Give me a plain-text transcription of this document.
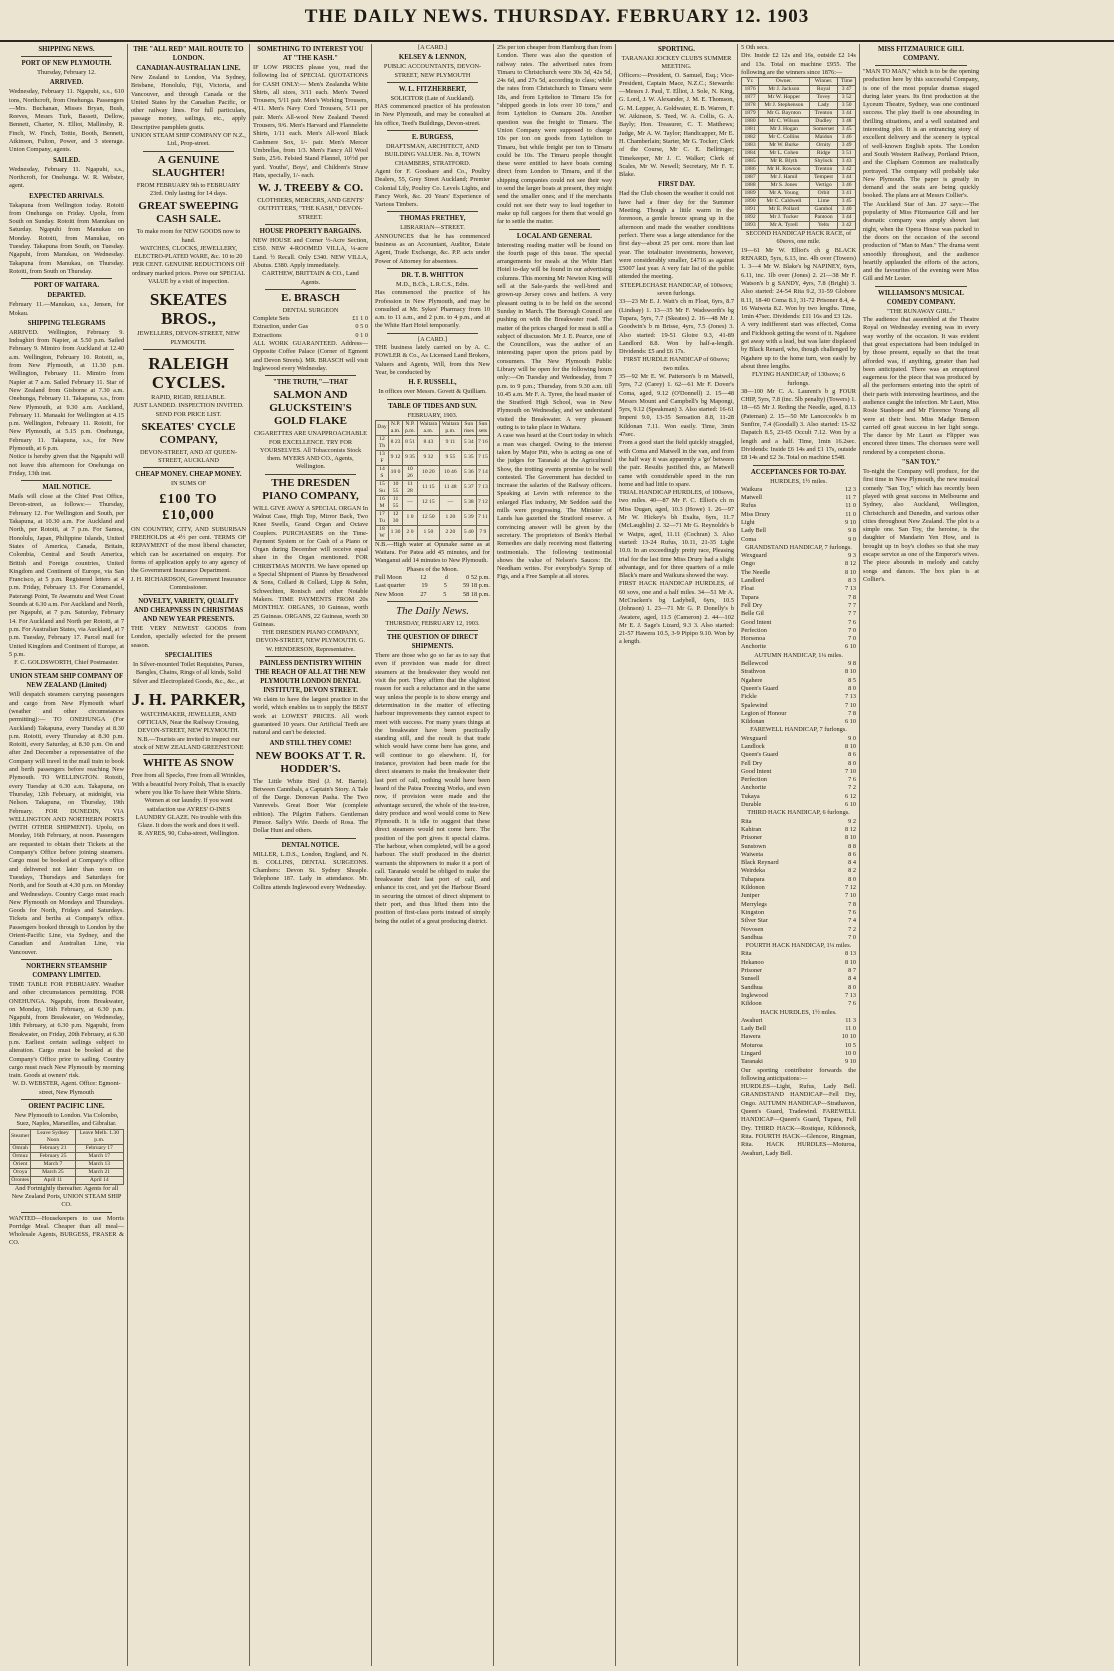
THE DAILY NEWS. THURSDAY. FEBRUARY 12. 1903
SHIPPING NEWS.
PORT OF NEW PLYMOUTH.

Thursday, February 12.

ARRIVED.

Wednesday, February 11. Ngapuhi, s.s., 610 tons, Northcroft, from Onehunga. Passengers—Mrs. Buchanan, Misses Bryan, Bush, Reeves, Messrs Turk, Bassett, Dellow, Bennett, Charter, N. Elliot, Mallinsby, R. Finch, W. Finch, Tottie, Booth, Bennett, Atkinson, Fulton, Power, and 3 steerage. Union Company, agents.

SAILED.

Wednesday, February 11. Ngapuhi, s.s., Northcroft, for Onehunga. W. R. Webster, agent.

EXPECTED ARRIVALS.

Takapuna from Wellington today. Rotoiti from Onehunga on Friday. Upolu, from South on Sunday. Rotoiti from Manukau on Saturday. Ngapuhi from Manukau on Monday. Rotoiti, from Manukau, on Tuesday. Takapuna from South, on Tuesday. Ngapuhi, from Manukau, on Wednesday. Takapuna from Manukau, on Thursday. Rotoiti, from South on Thursday.

PORT OF WAITARA.
DEPARTED.

February 11.—Manukau, s.s., Jensen, for Mokau.

SHIPPING TELEGRAMS

ARRIVED. Wellington, February 9. Indraghiri from Napier, at 5.50 p.m. Sailed February 9. Mimiro from Auckland at 12.40 a.m. Wellington, February 10. Rotoiti, ss, from New Plymouth, at 11.30 p.m. Wellington, February 11. Mimiro from Napier at 7 a.m. Sailed February 11. Star of New Zealand from Gisborne at 7.30 a.m. Onehunga, February 11. Takapuna, s.s., from New Plymouth, at 9.30 a.m. Auckland, February 11. Manaaki for Wellington at 4.15 p.m. Wellington, February 11. Rotoiti, for New Plymouth, at 5.15 p.m. Onehunga, February 11. Takapuna, s.s., for New Plymouth, at 6 p.m.

Notice is hereby given that the Ngapuhi will not leave this afternoon for Onehunga on Friday, 13th inst.

MAIL NOTICE.

Mails will close at the Chief Post Office, Devon-street, as follows:— Thursday, February 12. For Wellington and South, per Takapuna, at 10.30 a.m. For Auckland and North, per Rotoiti, at 7 p.m. For Samoa, Honolulu, Japan, Philippine Islands, United States of America, Canada, Britain, Colombia, Central and South America, British and Foreign countries, United Kingdom and Continent of Europe, via San Francisco, at 5 p.m. Registered letters at 4 p.m. Friday, February 13. For Coramandel, Paterangi Point, Te Awamutu and West Coast Sounds at 6.30 a.m. For Auckland and North, per Ngapuhi, at 7 p.m. Saturday, February 14. For Auckland and North per Rotoiti, at 7 p.m. For Australian States, via Auckland, at 7 p.m. Tuesday, February 17. Parcel mail for United Kingdom and Continent of Europe, at 5 p.m.

F. C. GOLDSWORTH, Chief Postmaster.

UNION STEAM SHIP COMPANY OF NEW ZEALAND (Limited)

Will despatch steamers carrying passengers and cargo from New Plymouth wharf (weather and other circumstances permitting):— TO ONEHUNGA (For Auckland) Takapuna, every Tuesday at 8.30 p.m. Rotoiti, every Thursday at 8.30 p.m. Rotoiti, every Saturday, at 8.30 p.m. On and after 2nd December a representative of the Company will travel in the mail train to book and berth passengers before reaching New Plymouth. TO WELLINGTON. Rotoiti, every Tuesday at 6.30 a.m. Takapuna, on Thursday, 12th February, at midnight, via Nelson. Takapuna, on Thursday, 19th February. FOR DUNEDIN, VIA WELLINGTON AND NORTHERN PORTS (WITH OTHER SHIPMENT). Upolu, on Monday, 16th February, at noon. Passengers are requested to obtain their Tickets at the Company's Office before joining steamers. Cargo must be booked at Company's office and delivered not later than noon on Tuesdays, Thursdays and Saturdays for North, and for South at 4.30 p.m. on Monday and Wednesdays. Country Cargo must reach New Plymouth on Mondays and Thursdays. Goods for North, Fridays and Saturdays. Tickets and berths at Company's office. Passengers booked through to London by the Orient-Pacific Line, via Sydney, and the Canadian and Australian Line, via Vancouver.

NORTHERN STEAMSHIP COMPANY LIMITED.

TIME TABLE FOR FEBRUARY. Weather and other circumstances permitting. FOR ONEHUNGA. Ngapuhi, from Breakwater, on Monday, 16th February, at 6.30 p.m. Ngapuhi, from Breakwater, on Wednesday, 18th February, at 6.30 p.m. Ngapuhi, from Breakwater, on Friday, 20th February, at 6.30 p.m. Earliest certain sailings subject to alteration. Cargo must be booked at the Company's Office prior to sailing. Country cargo must reach New Plymouth by morning train. Goods at owners' risk.

W. D. WEBSTER, Agent. Office: Egmont-street, New Plymouth

ORIENT PACIFIC LINE.

New Plymouth to London. Via Colombo, Suez, Naples, Marseilles, and Gibraltar.

Steamer	Leave Sydney Noon	Leave Melb. 1.30 p.m.
Omrah	February 21	February 17
Ormuz	February 25	March 17
Orient	March 7	March 13
Oroya	March 25	March 21
Orontes	April 11	April 14

And Fortnightly thereafter. Agents for all New Zealand Ports, UNION STEAM SHIP CO.

WANTED—Housekeepers to use Morris Porridge Meal. Cheaper than all meal—Wholesale Agents, BURGESS, FRASER & CO.

THE "ALL RED" MAIL ROUTE TO LONDON.
CANADIAN-AUSTRALIAN LINE.

New Zealand to London, Via Sydney, Brisbane, Honolulu, Fiji, Victoria, and Vancouver, and through Canada or the United States by the Canadian Pacific, or other railway lines. For full particulars, passage money, sailings, etc., apply Descriptive pamphlets gratis.

UNION STEAM SHIP COMPANY OF N.Z., Ltd., Prop-street.

A GENUINE SLAUGHTER!

FROM FEBRUARY 9th to FEBRUARY 23rd. Only lasting for 14 days.

GREAT SWEEPING CASH SALE.

To make room for NEW GOODS now to hand.

WATCHES, CLOCKS, JEWELLERY, ELECTRO-PLATED WARE, &c. 10 to 20 PER CENT. GENUINE REDUCTIONS Off ordinary marked prices. Prove our SPECIAL VALUE by a visit of inspection.

SKEATES BROS.,

JEWELLERS, DEVON-STREET, NEW PLYMOUTH.

RALEIGH CYCLES.

RAPID, RIGID, RELIABLE.

JUST LANDED. INSPECTION INVITED. SEND FOR PRICE LIST.

SKEATES' CYCLE COMPANY,

DEVON-STREET, AND AT QUEEN-STREET, AUCKLAND

CHEAP MONEY. CHEAP MONEY.

IN SUMS OF

£100 TO £10,000

ON COUNTRY, CITY, AND SUBURBAN FREEHOLDS at 4½ per cent. TERMS OF REPAYMENT of the most liberal character, which can be ascertained on enquiry. For forms of application apply to any agency of the Government Insurance Department.

J. H. RICHARDSON, Government Insurance Commissioner.

NOVELTY, VARIETY, QUALITY AND CHEAPNESS IN CHRISTMAS AND NEW YEAR PRESENTS.

THE VERY NEWEST GOODS from London, specially selected for the present season.

SPECIALITIES

In Silver-mounted Toilet Requisites, Purses, Bangles, Chains, Rings of all kinds, Solid Silver and Electroplated Goods, &c., &c., at

J. H. PARKER,

WATCHMAKER, JEWELLER, AND OPTICIAN, Near the Railway Crossing, DEVON-STREET, NEW PLYMOUTH.

N.B.—Tourists are invited to inspect our stock of NEW ZEALAND GREENSTONE

WHITE AS SNOW

Free from all Specks, Free from all Wrinkles, With a beautiful Ivory Polish, That is exactly where you like To have their White Shirts. Women at our laundry. If you want satisfaction use AYRES' O-INES LAUNDRY GLAZE. No trouble with this Glaze. It does the work and does it well.

R. AYRES, 90, Cuba-street, Wellington.

SOMETHING TO INTEREST YOU AT "THE KASH."

IF LOW PRICES please you, read the following list of SPECIAL QUOTATIONS for CASH ONLY:— Men's Zealandia White Shirts, all sizes, 3/11 each. Men's Tweed Trousers, 5/11 pair. Men's Working Trousers, 4/11. Men's Navy Cord Trousers, 5/11 per pair. Men's All-wool New Zealand Tweed Trousers, 9/6. Men's Harvard and Flannelette Shirts, 1/11 each. Men's All-wool Black Cashmere Sox, 1/- pair. Men's Mercer Umbrellas, from 1/3. Men's Fancy All Wool Suits, 25/6. Felsted Stand Flannel, 10½d per yard. Youths', Boys', and Children's Straw Hats, specially, 1/- each.

W. J. TREEBY & CO.

CLOTHIERS, MERCERS, AND GENTS' OUTFITTERS, "THE KASH," DEVON-STREET.

HOUSE PROPERTY BARGAINS.

NEW HOUSE and Corner ½-Acre Section, £350. NEW 4-ROOMED VILLA, ¼-acre Land. ½ Recall. Only £340. NEW VILLA, Abutus. £380. Apply immediately.

CARTHEW, BRITTAIN & CO., Land Agents.

E. BRASCH

DENTAL SURGEON

Complete Sets	£1 1 0
Extraction, under Gas	0 5 0
Extractions	0 1 0

ALL WORK GUARANTEED. Address—Opposite Coffee Palace (Corner of Egmont and Devon Streets). MR. BRASCH will visit Inglewood every Wednesday.

"THE TRUTH,"—THAT
SALMON AND GLUCKSTEIN'S GOLD FLAKE

CIGARETTES ARE UNAPPROACHABLE FOR EXCELLENCE. TRY FOR YOURSELVES. All Tobacconists Stock them. MYERS AND CO., Agents, Wellington.

THE DRESDEN PIANO COMPANY,

WILL GIVE AWAY A SPECIAL ORGAN In Walnut Case, High Top, Mirror Back, Two Knee Swells, Grand Organ and Octave Couplers. PURCHASERS on the Time-Payment System or for Cash of a Piano or Organ during December will receive equal share in the Organ mentioned. FOR CHRISTMAS MONTH. We have opened up a Special Shipment of Pianos by Broadwood & Sons, Collard & Collard, Lipp & Sohn, Schwechten, Ronisch and other Notable Makers. TIME PAYMENTS FROM 20s MONTHLY. ORGANS, 10 Guineas, worth 25 Guineas. ORGANS, 22 Guineas, worth 30 Guineas.

THE DRESDEN PIANO COMPANY, DEVON-STREET, NEW PLYMOUTH. G. W. HENDERSON, Representative.

PAINLESS DENTISTRY WITHIN THE REACH OF ALL AT THE NEW PLYMOUTH LONDON DENTAL INSTITUTE, DEVON STREET.

We claim to have the largest practice in the world, which enables us to supply the BEST work at LOWEST PRICES. All work guaranteed 10 years. Our Artificial Teeth are natural and can't be detected.

AND STILL THEY COME!
NEW BOOKS AT T. R. HODDER'S.

The Little White Bird (J. M. Barrie). Between Cannibals, a Captain's Story. A Tale of the Darge. Donovan Pasha. The Two Vanrevels. Great Boer War (complete edition). The Pilgrim Fathers. Gentleman Pimsor. Sally's Wife. Deeds of Rosa. The Dollar Hunt and others.

DENTAL NOTICE.

MILLER, L.D.S., London, England, and N. B. COLLINS, DENTAL SURGEONS. Chambers: Devon St. Sydney Sheaple. Telephone 187. Lady in attendance. Mr. Collins attends Inglewood every Wednesday.

[A CARD.]

KELSEY & LENNON,

PUBLIC ACCOUNTANTS, DEVON-STREET, NEW PLYMOUTH

W. L. FITZHERBERT,

SOLICITOR (Late of Auckland).

HAS commenced practice of his profession in New Plymouth, and may be consulted at his office, Teed's Buildings, Devon-street.

E. BURGESS,

DRAFTSMAN, ARCHITECT, AND BUILDING VALUER. No. 8, TOWN CHAMBERS, STRATFORD.

Agent for F. Goodsare and Co., Poultry Dealers, 55, Grey Street Auckland; Premier Colonial Lily, Poultry Co. Levels Lights, and Fancy Work, &c. 20 Years' Experience of Various Timbers.

THOMAS FRETHEY,

LIBRARIAN—STREET.

ANNOUNCES that he has commenced business as an Accountant, Auditor, Estate Agent, Trade Exchange, &c. P.P. acts under Power of Attorney for absentees.

DR. T. B. WHITTON

M.D., B.Ch., L.R.C.S., Edin.

Has commenced the practice of his Profession in New Plymouth, and may be consulted at Mr. Sykes' Pharmacy from 10 a.m. to 11 a.m., and 2 p.m. to 4 p.m., and at the White Hart Hotel temporarily.

[A CARD.]

THE business lately carried on by A. C. FOWLER & Co., As Licensed Land Brokers, Valuers and Agents, Will, from this New Year, be conducted by

H. F. RUSSELL,

In offices over Messrs. Govett & Quilliam.

TABLE OF TIDES AND SUN.

FEBRUARY, 1903.

Day	N.P. a.m.	N.P. p.m.	Waitara a.m.	Waitara p.m.	Sun rises	Sun sets
12 Th	8 23	8 51	8 43	9 11	5 34	7 16
13 F	9 12	9 35	9 32	9 55	5 35	7 15
14 S	10 0	10 26	10 20	10 46	5 36	7 14
15 Su	10 55	11 28	11 15	11 48	5 37	7 13
16 M	11 55	—	12 15	—	5 38	7 12
17 Tu	12 30	1 0	12 50	1 20	5 39	7 11
18 W	1 30	2 0	1 50	2 20	5 40	7 9

N.B.—High water at Opunake same as at Waitara. For Patea add 45 minutes, and for Wanganui add 14 minutes to New Plymouth.

Phases of the Moon.

Full Moon	12	d	0 52 p.m.
Last quarter	19	5	59 18 p.m.
New Moon	27	5	58 18 p.m.
The Daily News.

THURSDAY, FEBRUARY 12, 1903.

THE QUESTION OF DIRECT SHIPMENTS.

There are those who go so far as to say that even if provision was made for direct steamers at the breakwater they would not visit the port. They affirm that the slightest reason for such a reluctance and in the same way unless the people is to show energy and determination in the matter of effecting harbour improvements they cannot expect to meet with success. For many years things at the breakwater have been practically standing still, and the result is that trade which would have come here has gone, and will continue to go elsewhere. If, for instance, provision had been made for the direct steamers to make the breakwater their last port of call, nothing would have been heard of the Patea Freezing Works, and even now, if provision were made and the advantage secured, the whole of the tea-tree, dairy produce and wool would come to New Plymouth. It is idle to suggest that these direct steamers would not come here. The position of the port gives it special claims. The harbour, when completed, will be a good harbour. The stuff produced in the district warrants the shipowners to make it a port of call. Taranaki would be obliged to make the breakwater their last port of call, and enhance its cost, and yet the Harbour Board in securing the utmost of direct shipment to their port, and thus lifted them into the position of first-class ports instead of simply being the outlet of a great producing district.

25s per ton cheaper from Hamburg than from London. There was also the question of railway rates. The advertised rates from Timaru to Christchurch were 30s 3d, 42s 5d, 24s 6d, and 27s 5d, according to class; while the rates from Christchurch to Timaru were 18s, and from Lyttelton to Timaru 15s for "shipped goods in lots over 10 tons," and from Lyttelton to Oamaru 20s. Another question was the freight to Timaru. The Union Company were supposed to charge 10s per ton on goods from Lyttelton to Timaru, but while freight per ton to Timaru could be 10s. The Timaru people thought these were entitled to have boats coming direct from London to Timaru, and if the shipping companies could not see their way to send the larger boats at present, they might send the smaller ones; and if the merchants could not see their way to lead together to make up full cargoes for them that would go far to settle the matter.

LOCAL AND GENERAL

Interesting reading matter will be found on the fourth page of this issue. The special arrangements for meals at the White Hart Hotel to-day will be found in our advertising columns. This morning Mr Newton King will sell at the Sale-yards the well-bred and grown-up Jersey cows and heifers. A very pleasant outing is to be held on the second Sunday in March. The Borough Council are pushing on with the Breakwater road. The matter of the prices charged for meat is still a subject of discussion. Mr J. E. Pearce, one of the Councillors, was the author of an interesting paper upon the prices paid by consumers. The New Plymouth Public Library will be open for the following hours only:—On Tuesday and Wednesday, from 7 p.m. to 9 p.m.; Thursday, from 9.30 a.m. till 10.45 a.m. Mr F. A. Tyree, the head master of the Stratford High School, was in New Plymouth on Wednesday, and we understand visited the Breakwater. A very pleasant outing is to take place in Waitara.

A case was heard at the Court today in which a man was charged. Owing to the interest taken by Major Pitt, who is acting as one of the judges for Taranaki at the Agricultural Show, the trotting events promise to be well contested. The Government has decided to increase the salaries of the Railway officers. Speaking at Levin with reference to the enlarged Flax industry, Mr Seddon said the mills were progressing. The Minister of Lands has gazetted the Stratford reserve. A convincing answer will be given by the secretary. The proprietors of Bonk's Herbal Remedies are daily receiving most flattering testimonials. The following testimonial shows the value of Nelson's Sauces: Dr. Needham writes. For everybody's Syrup of Figs, and a Free Sample at all stores.

SPORTING.

TARANAKI JOCKEY CLUB'S SUMMER MEETING.

Officers:—President, O. Samuel, Esq.; Vice-President, Captain Mace, N.Z.C.; Stewards:—Messrs J. Paul, T. Elliot, J. Sole, N. King, G. Lord, J. W. Alexander, J. M. E. Thomson, G. M. Lepper, A. Goldwater, E. B. Warren, F. W. Atkinson, S. Teed, W. A. Collis, G. A. Bayly; Hon. Treasurer, C. T. Matthews; Judge, Mr A. W. Taylor; Handicapper, Mr E. H. Chamberlain; Starter, Mr G. Tocker; Clerk of the Course, Mr C. E. Bellringer; Timekeeper, Mr J. C. Walker; Clerk of Scales, Mr W. Newell; Secretary, Mr F. T. Blake.

FIRST DAY.

Had the Club chosen the weather it could not have had a finer day for the Summer Meeting. Though a little warm in the forenoon, a gentle breeze sprang up in the afternoon and made the weather conditions perfect. There was a large attendance for the first day—about 25 per cent. more than last year. The totalisator investments, however, were considerably smaller, £4716 as against £5007 last year. A very fair list of the public attended the meeting.

STEEPLECHASE HANDICAP, of 100sovs; seven furlongs.

33—23 Mr E. J. Watt's ch m Float, 6yrs, 8.7 (Lindsay) 1. 13—35 Mr F. Wadsworth's bg Tupara, 5yrs, 7.7 (Skeates) 2. 16—48 Mr J. Goodwin's b m Brisse, 4yrs, 7.5 (Jones) 3. Also started: 19-51 Gloire 9.3, 41-89 Landlord 8.8. Won by half-a-length. Dividends: £5 and £6 17s.

FIRST HURDLE HANDICAP of 60sovs; two miles.

35—92 Mr E. W. Patterson's b m Matwell, 5yrs, 7.2 (Carey) 1. 62—61 Mr F. Dover's Coma, aged, 9.12 (O'Donnell) 2. 15—48 Messrs Mount and Campbell's bg Mapongi, 5yrs, 9.12 (Speakman) 3. Also started: 16-61 Impeni 9.0, 13-35 Sensation 8.8, 11-28 Kildonan 7.11. Won easily. Time, 3min 47sec.

From a good start the field quickly straggled, with Coma and Matwell in the van, and from the half way it was apparently a 'go' between the pair. Results justified this, as Matwell came with considerable speed in the run home and had little to spare.

TRIAL HANDICAP HURDLES, of 100sovs, two miles. 40—87 Mr F. C. Elliot's ch m Miss Dugan, aged, 10.3 (Howe) 1. 26—97 Mr W. Hickey's bh Exalta, 6yrs, 11.7 (McLaughlin) 2. 32—71 Mr G. Reynolds's b w Waipu, aged, 11.11 (Cochran) 3. Also started: 13-24 Rufus, 10.11, 21-35 Light 10.0. In an exceedingly pretty race, Pleasing trial for the last time Miss Drury had a slight advantage, and for three quarters of a mile Black's mare and Waikura showed the way.

FIRST HACK HANDICAP HURDLES, of 60 sovs, one and a half miles. 34—51 Mr A. McCracken's bg Ladybell, 6yrs, 10.5 (Johnson) 1. 23—71 Mr G. P. Donelly's b Awatere, aged, 11.5 (Cameron) 2. 44—102 Mr E. J. Sage's Lizard, 9.3 3. Also started: 21-57 Hawera 10.5, 3-9 Pipipo 9.10. Won by a length.

5 Oth secs.

Div. Inside £2 12s and 16s, outside £2 14s and 13s. Total on machine £955. The following are the winners since 1876:—

Yr.	Owner.	Winner.	Time
1876	Mr J. Jackson	Royal	3 47
1877	Mr W. Hopper	Tovey	3 52
1878	Mr J. Stephenson	Lady	3 50
1879	Mr G. Baynton	Trenton	3 44
1880	Mr C. Wilson	Dudley	3 48
1881	Mr J. Hogan	Somerset	3 45
1882	Mr C. Collins	Maidon	3 46
1883	Mr W. Burke	Ornity	3 49
1884	Mr L. Cohen	Ridge	3 51
1885	Mr R. Blyth	Shylock	3 43
1886	Mr H. Rowson	Trenton	3 42
1887	Mr J. Hamil	Tempest	3 44
1888	Mr S. Jones	Vertigo	3 46
1889	Mr A. Young	Orbit	3 41
1890	Mr C. Caldwell	Lime	3 45
1891	Mr E. Pollard	Gambol	3 40
1892	Mr J. Tucker	Pantoon	3 44
1893	Mr A. Tyrell	Yelts	3 42

SECOND HANDICAP HACK RACE, of 60sovs, one mile.

19—61 Mr W. Elliot's ch g BLACK RENARD, 5yrs, 6.13, inc. 4lb over (Towers) 1. 3—4 Mr W. Blake's bg NAPINEY, 6yrs, 6.11, inc. 1lb over (Jones) 2. 21—38 Mr F. Watson's b g SANDY, 4yrs, 7.8 (Bright) 3. Also started: 24-54 Rita 9.2, 31-59 Globore 8.11, 18-40 Coma 8.1, 31-72 Prisoner 8.4, 4-16 Waiweta 8.2. Won by two lengths. Time, 1min 47sec. Dividends: £11 16s and £3 12s.

A very indifferent start was effected, Coma and Fickhook getting the worst of it. Ngahere got away with a lead, but was later displaced by Black Renard, who, though challenged by Ngahere up to the home turn, won easily by about three lengths.

FLYING HANDICAP, of 130sovs; 6 furlongs.

38—100 Mr C. A. Laurent's b g FOUR CHIP, 5yrs, 7.8 (inc. 5lb penalty) (Towers) 1. 18—65 Mr J. Reding the Needle, aged, 8.13 (Pateman) 2. 15—50 Mr Lancecook's b m Sunfire, 7.4 (Goodall) 3. Also started: 15-32 Dapatch 8.5, 23-65 Occult 7.12. Won by a length and a half. Time, 1min 16.2sec. Dividends: Inside £6 14s and £1 17s, outside £8 14s and £2 3s. Total on machine £548.

ACCEPTANCES FOR TO-DAY.

HURDLES, 1½ miles.

Waikura	12 3
Matwell	11 7
Rufus	11 0
Miss Drury	11 0
Light	9 10
Lady Bell	9 8
Coma	9 0

GRANDSTAND HANDICAP, 7 furlongs.

Wexguard	9 3
Ongo	8 12
The Needle	8 10
Landlord	8 3
Float	7 13
Tupara	7 8
Fell Dry	7 7
Belle Gil	7 7
Good Intent	7 6
Perfection	7 0
Horsenoa	7 0
Anchorite	6 10

AUTUMN HANDICAP, 1¼ miles.

Bellewcod	9 8
Strathvon	8 10
Ngahere	8 5
Queen's Guard	8 0
Fickle	7 13
Spalewind	7 10
Legion of Honour	7 8
Kildonan	6 10

FAREWELL HANDICAP, 7 furlongs.

Wexguard	9 0
Landlock	8 10
Queen's Guard	8 6
Fell Dry	8 0
Good Intent	7 10
Perfection	7 6
Anchorite	7 2
Tukaya	6 12
Durable	6 10

THIRD HACK HANDICAP, 6 furlongs.

Rita	9 2
Kahiran	8 12
Prisoner	8 10
Sunstown	8 8
Waiweta	8 6
Black Reynard	8 4
Weirdeka	8 2
Tuhapara	8 0
Kildonon	7 12
Juniper	7 10
Merrylegs	7 8
Kingston	7 6
Silver Star	7 4
Novosen	7 2
Sandhua	7 0

FOURTH HACK HANDICAP, 1¼ miles.

Rita	8 13
Hekanoo	8 10
Prisoner	8 7
Sunsell	8 4
Sandhua	8 0
Inglewood	7 13
Kildoon	7 6

HACK HURDLES, 1½ miles.

Awahuri	11 3
Lady Bell	11 0
Hawera	10 10
Moturoa	10 5
Lingard	10 0
Taranaki	9 10

Our sporting contributor forwards the following anticipations:—

HURDLES—Light, Rufus, Lady Bell. GRANDSTAND HANDICAP—Fell Dry, Ongo. AUTUMN HANDICAP—Strathavon, Queen's Guard, Tradewind. FAREWELL HANDICAP—Queen's Guard, Tupara, Fell Dry. THIRD HACK—Rostique, Kildonock, Rita. FOURTH HACK—Glencoe, Ringman, Rita. HACK HURDLES—Moturoa, Awahuri, Lady Bell.

MISS FITZMAURICE GILL COMPANY.

"MAN TO MAN," which is to be the opening production here by this successful Company, is one of the most popular dramas staged during later years. Its first production at the Lyceum Theatre, Sydney, was one continued success. The play itself is one abounding in thrilling situations, and a well sustained and interesting plot. It is an entrancing story of excellent delivery and the scenery is typical of well-known English spots. The London and South Western Railway, Portland Prison, and the Clapham Common are realistically portrayed. The company will probably take New Plymouth. The paper is greatly in demand and the seats are being quickly booked. The plans are at Messrs Collier's.

The Auckland Star of Jan. 27 says:—The popularity of Miss Fitzmaurice Gill and her dramatic company was amply shown last night, when the Opera House was packed to the doors on the occasion of the second production of "Man to Man." The drama went smoothly throughout, and the audience heartily applauded the efforts of the actors, and the favourites of the evening were Miss Gill and Mr Lester.

WILLIAMSON'S MUSICAL COMEDY COMPANY.

"THE RUNAWAY GIRL."

The audience that assembled at the Theatre Royal on Wednesday evening was in every way worthy of the occasion. It was evident that great expectations had been indulged in by those present, equally so that the treat afforded was, if anything, greater than had been anticipated. There was an enraptured eagerness for the piece that was produced by all the performers entering into the spirit of their parts with interesting heartiness, and the audience caught the infection. Mr Lauri, Miss Rosie Stanhope and Mr Florence Young all were at their best. Miss Madge Benson carried off great success in her light songs. The dance by Mr Lauri as Flipper was encored three times. The choruses were well rendered by a competent chorus.

"SAN TOY."

To-night the Company will produce, for the first time in New Plymouth, the new musical comedy "San Toy," which has recently been played with great success in Melbourne and Sydney, also Auckland, Wellington, Christchurch and Dunedin, and various other cities throughout New Zealand. The plot is a simple one. San Toy, the heroine, is the daughter of Mandarin Yen How, and is brought up in boy's clothes so that she may escape service as one of the Emperor's wives. The piece abounds in melody and catchy songs and dances. The box plan is at Collier's.
